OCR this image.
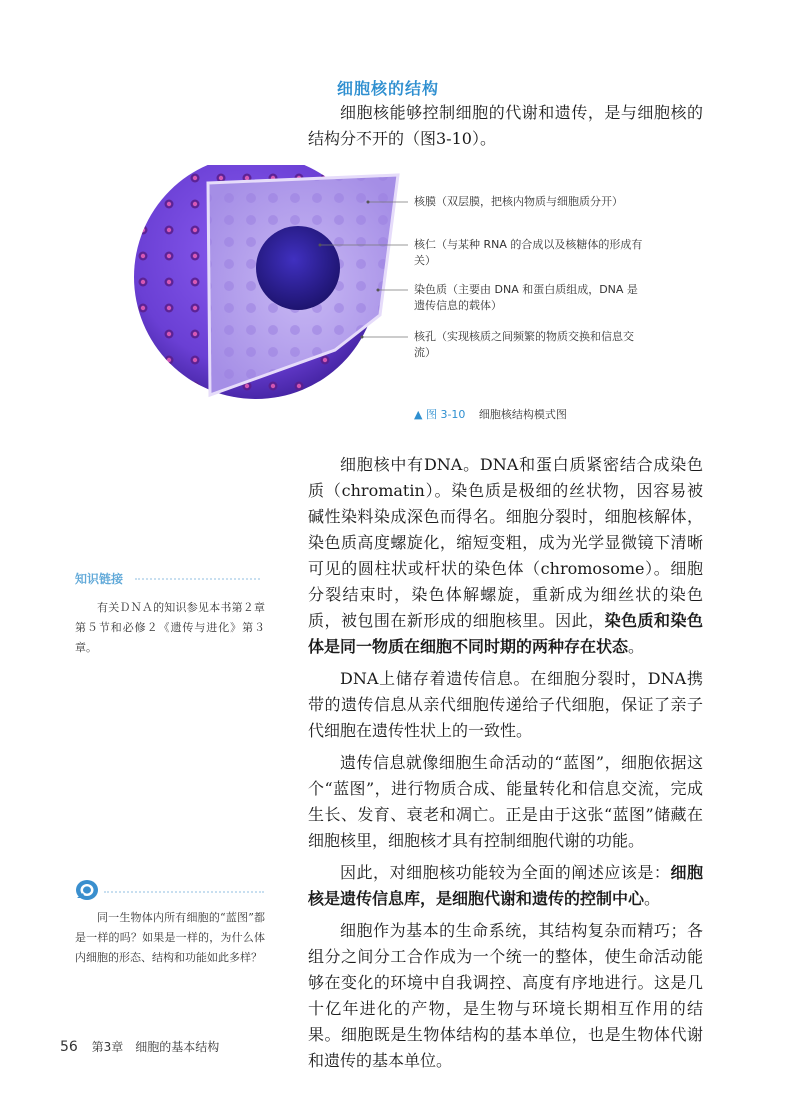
细胞核的结构

细胞核能够控制细胞的代谢和遗传，是与细胞核的结构分不开的（图3-10）。

核膜（双层膜，把核内物质与细胞质分开）
核仁（与某种 RNA 的合成以及核糖体的形成有关）
染色质（主要由 DNA 和蛋白质组成，DNA 是遗传信息的载体）
核孔（实现核质之间频繁的物质交换和信息交流）
▲ 图 3-10 细胞核结构模式图

细胞核中有DNA。DNA和蛋白质紧密结合成染色质（chromatin）。染色质是极细的丝状物，因容易被碱性染料染成深色而得名。细胞分裂时，细胞核解体，染色质高度螺旋化，缩短变粗，成为光学显微镜下清晰可见的圆柱状或杆状的染色体（chromosome）。细胞分裂结束时，染色体解螺旋，重新成为细丝状的染色质，被包围在新形成的细胞核里。因此，染色质和染色体是同一物质在细胞不同时期的两种存在状态。

DNA上储存着遗传信息。在细胞分裂时，DNA携带的遗传信息从亲代细胞传递给子代细胞，保证了亲子代细胞在遗传性状上的一致性。

遗传信息就像细胞生命活动的“蓝图”，细胞依据这个“蓝图”，进行物质合成、能量转化和信息交流，完成生长、发育、衰老和凋亡。正是由于这张“蓝图”储藏在细胞核里，细胞核才具有控制细胞代谢的功能。

因此，对细胞核功能较为全面的阐述应该是：细胞核是遗传信息库，是细胞代谢和遗传的控制中心。

细胞作为基本的生命系统，其结构复杂而精巧；各组分之间分工合作成为一个统一的整体，使生命活动能够在变化的环境中自我调控、高度有序地进行。这是几十亿年进化的产物，是生物与环境长期相互作用的结果。细胞既是生物体结构的基本单位，也是生物体代谢和遗传的基本单位。

知识链接
有关ＤＮＡ的知识参见本书第２章第５节和必修２《遗传与进化》第３章。
同一生物体内所有细胞的“蓝图”都是一样的吗？如果是一样的，为什么体内细胞的形态、结构和功能如此多样？
56 第3章　细胞的基本结构
